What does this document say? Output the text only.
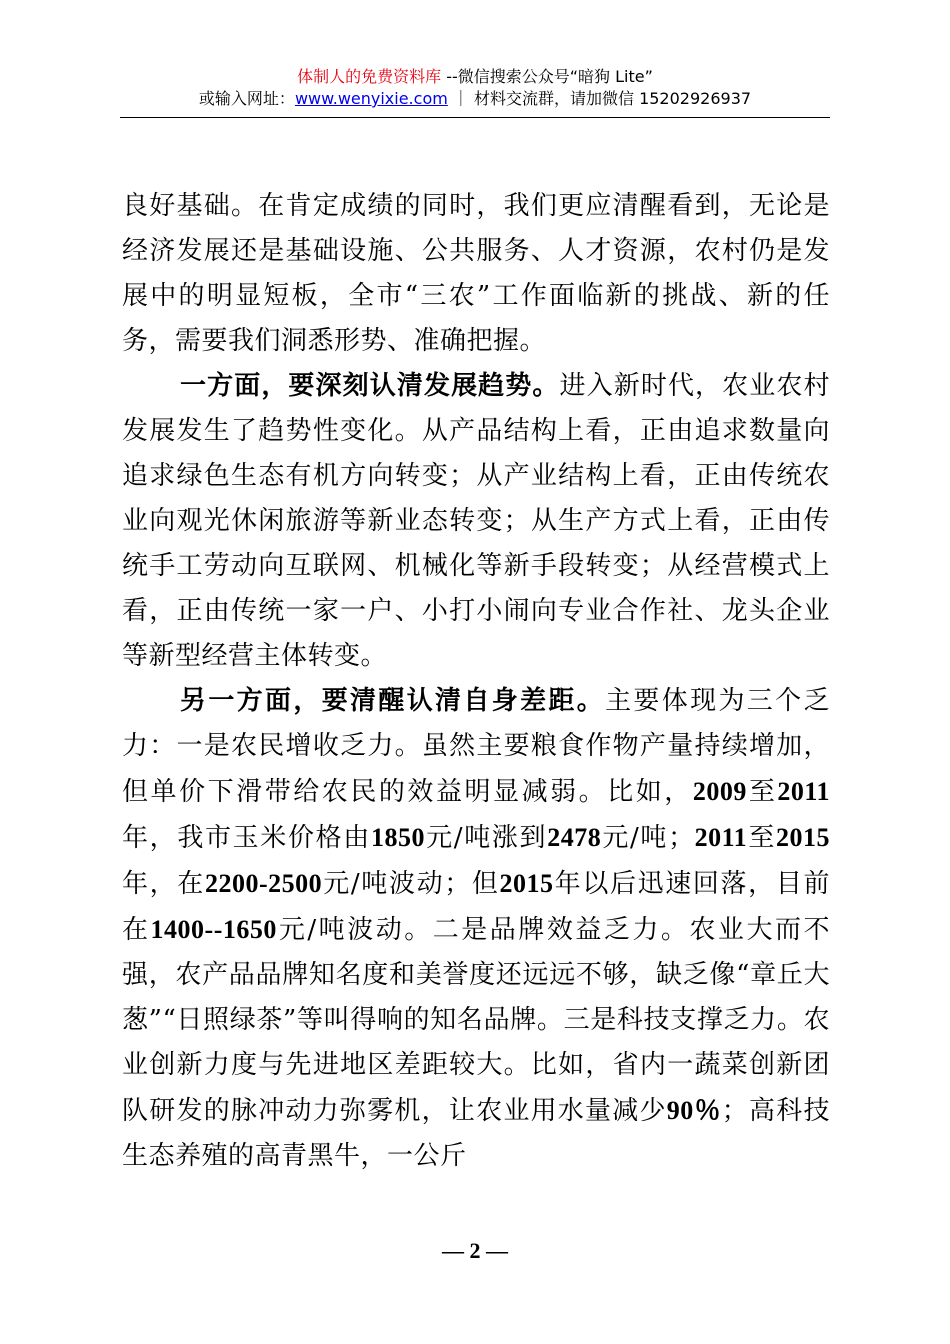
体制人的免费资料库 --微信搜索公众号“暗狗 Lite”
或输入网址：www.wenyixie.com ｜ 材料交流群，请加微信 15202926937

良好基础。在肯定成绩的同时，我们更应清醒看到，无论是经济发展还是基础设施、公共服务、人才资源，农村仍是发展中的明显短板，全市“三农”工作面临新的挑战、新的任务，需要我们洞悉形势、准确把握。

一方面，要深刻认清发展趋势。进入新时代，农业农村发展发生了趋势性变化。从产品结构上看，正由追求数量向追求绿色生态有机方向转变；从产业结构上看，正由传统农业向观光休闲旅游等新业态转变；从生产方式上看，正由传统手工劳动向互联网、机械化等新手段转变；从经营模式上看，正由传统一家一户、小打小闹向专业合作社、龙头企业等新型经营主体转变。

另一方面，要清醒认清自身差距。主要体现为三个乏力：一是农民增收乏力。虽然主要粮食作物产量持续增加，但单价下滑带给农民的效益明显减弱。比如，2009至2011年，我市玉米价格由1850元/吨涨到2478元/吨；2011至2015年，在2200-2500元/吨波动；但2015年以后迅速回落，目前在1400--1650元/吨波动。二是品牌效益乏力。农业大而不强，农产品品牌知名度和美誉度还远远不够，缺乏像“章丘大葱”“日照绿茶”等叫得响的知名品牌。三是科技支撑乏力。农业创新力度与先进地区差距较大。比如，省内一蔬菜创新团队研发的脉冲动力弥雾机，让农业用水量减少90％；高科技生态养殖的高青黑牛，一公斤

— 2 —
